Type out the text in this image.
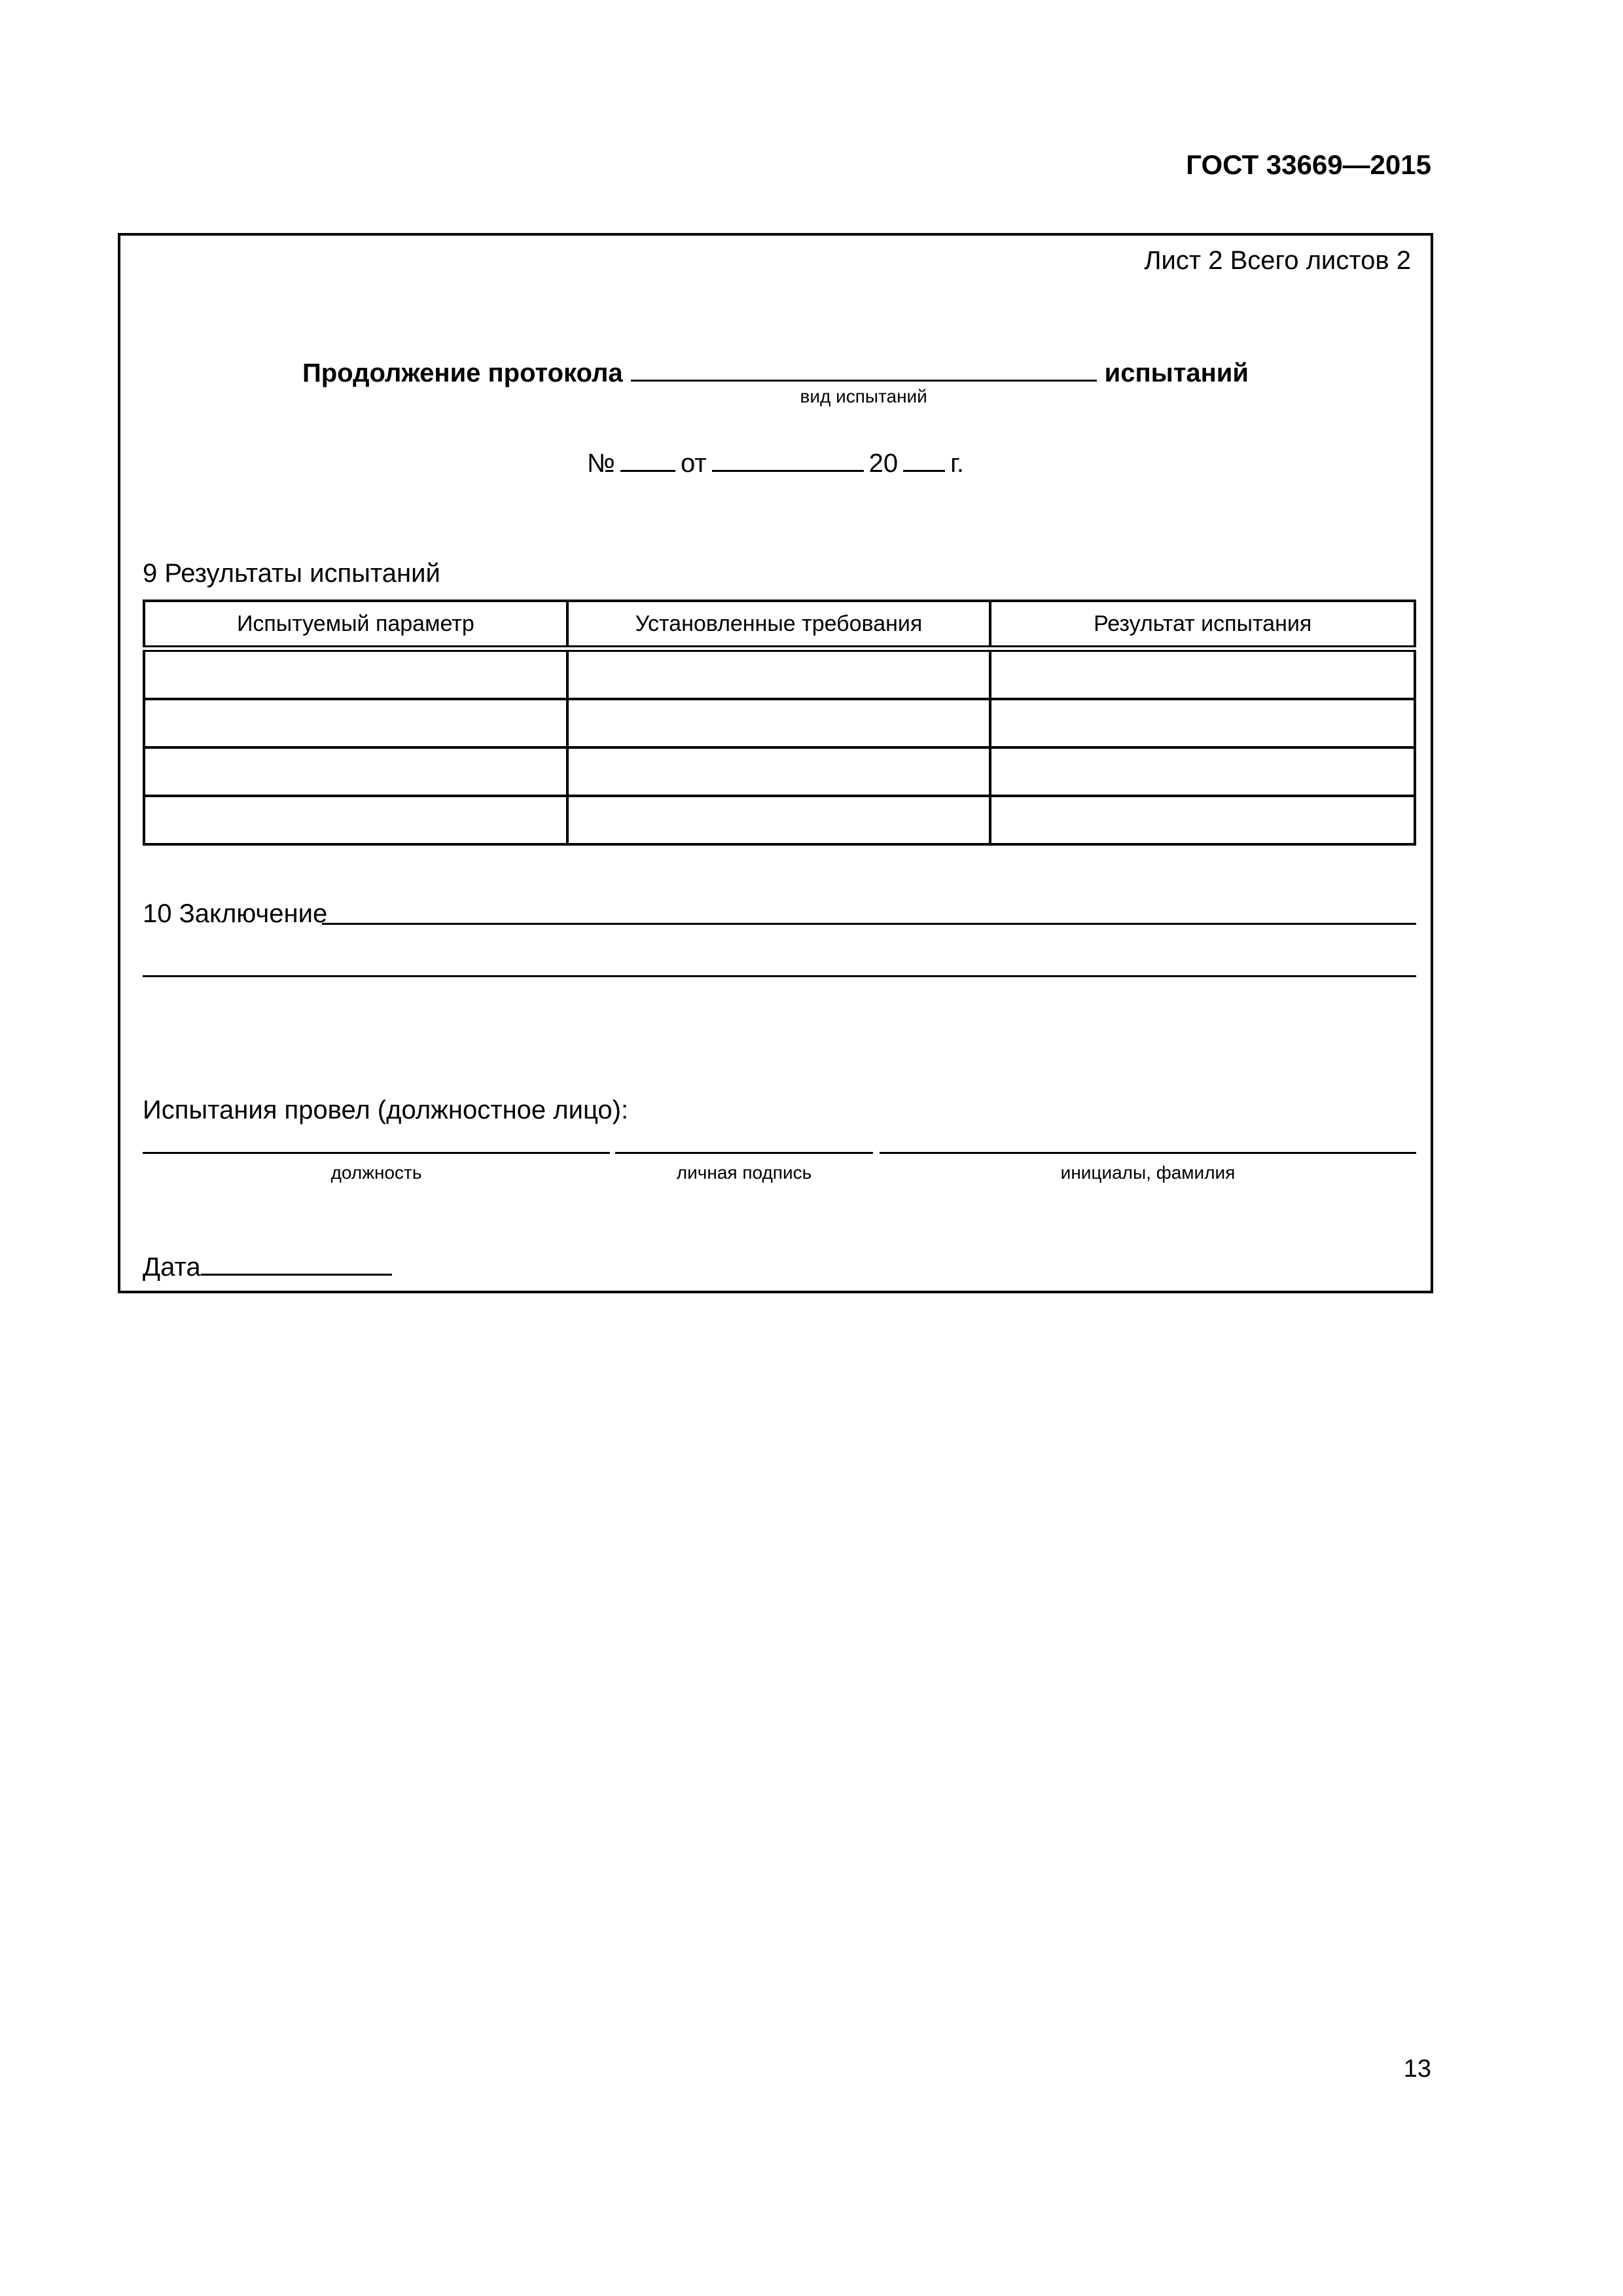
ГОСТ 33669—2015
Лист 2 Всего листов 2
Продолжение протокола
вид испытаний
испытаний
№	от	20 г.
9 Результаты испытаний
Испытуемый параметр	Установленные требования	Результат испытания

10 Заключение
Испытания провел (должностное лицо):
должность	личная подпись	инициалы, фамилия
Дата
13
